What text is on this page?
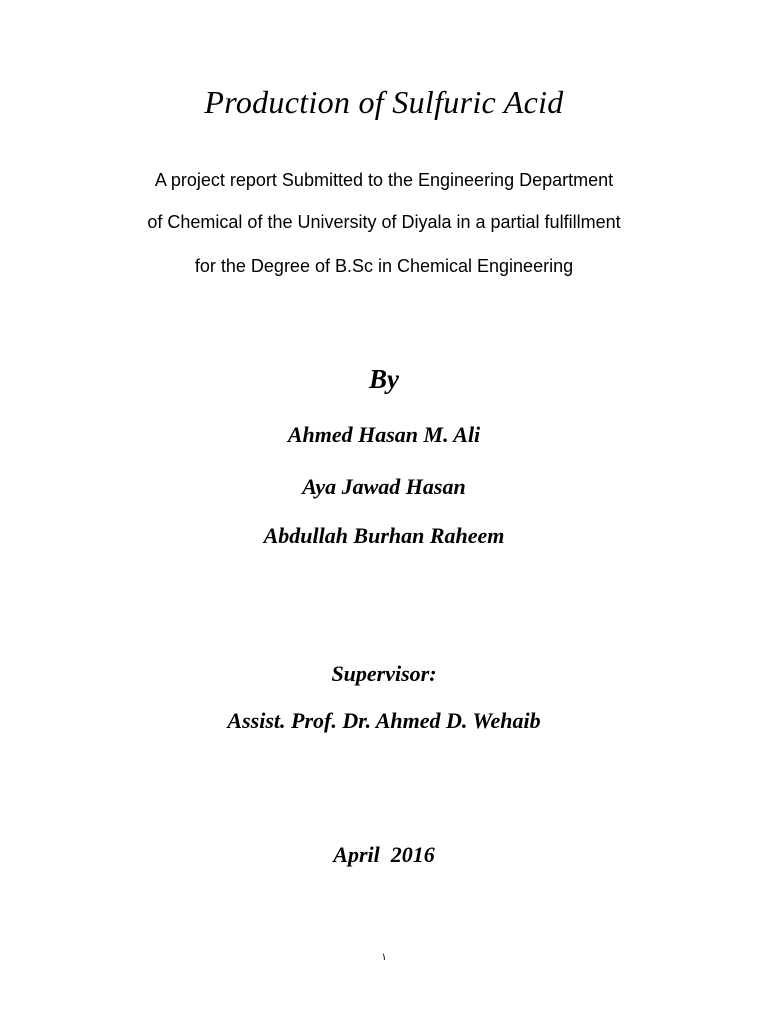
Production of Sulfuric Acid
A project report Submitted to the Engineering Department
of Chemical of the University of Diyala in a partial fulfillment
for the Degree of B.Sc in Chemical Engineering
By
Ahmed Hasan M. Ali
Aya Jawad Hasan
Abdullah Burhan Raheem
Supervisor:
Assist. Prof. Dr. Ahmed D. Wehaib
April  2016
١
